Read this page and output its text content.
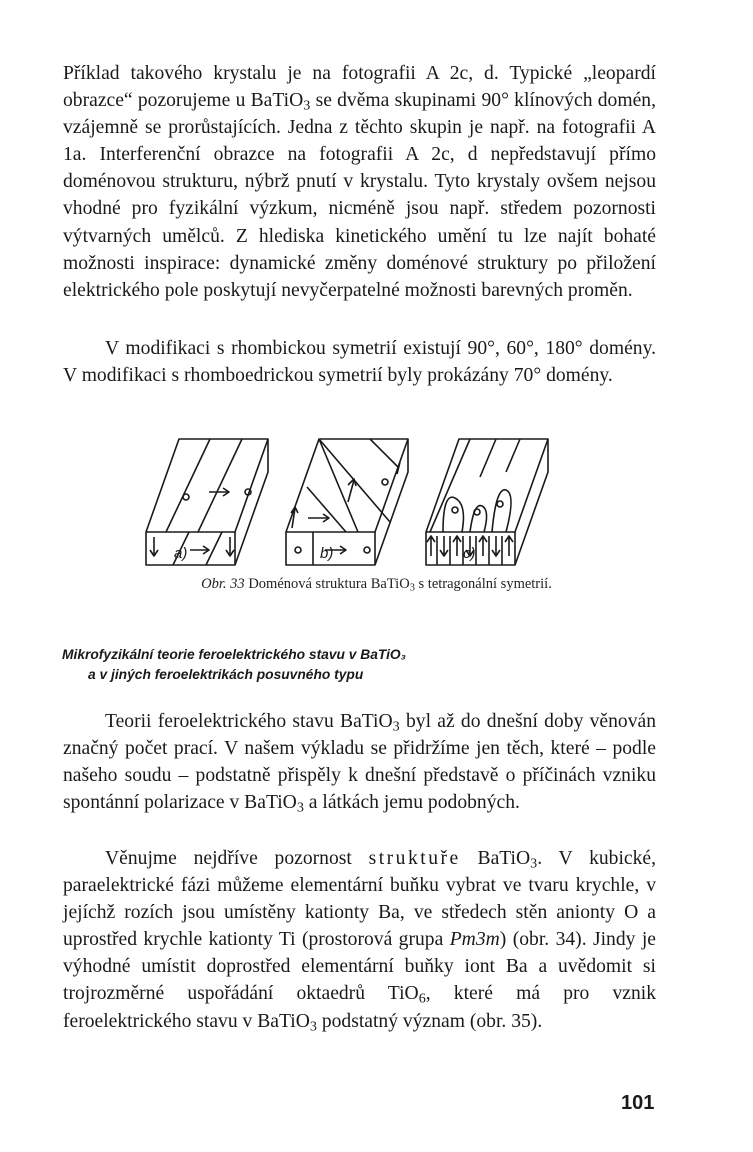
Příklad takového krystalu je na fotografii A 2c, d. Typické „leopardí obrazce“ pozorujeme u BaTiO$_3$ se dvěma skupinami 90° klínových domén, vzájemně se prorůstajících. Jedna z těchto skupin je např. na fotografii A 1a. Interferenční obrazce na fotografii A 2c, d nepředstavují přímo doménovou strukturu, nýbrž pnutí v krystalu. Tyto krystaly ovšem nejsou vhodné pro fyzikální výzkum, nicméně jsou např. středem pozornosti výtvarných umělců. Z hlediska kinetického umění tu lze najít bohaté možnosti inspirace: dynamické změny doménové struktury po přiložení elektrického pole poskytují nevyčerpatelné možnosti barevných proměn.

V modifikaci s rhombickou symetrií existují 90°, 60°, 180° domény. V modifikaci s rhomboedrickou symetrií byly prokázány 70° domény.

a)	b)	c)
Obr. 33 Doménová struktura BaTiO$_3$ s tetragonální symetrií.
Mikrofyzikální teorie feroelektrického stavu v BaTiO₃
a v jiných feroelektrikách posuvného typu

Teorii feroelektrického stavu BaTiO$_3$ byl až do dnešní doby věnován značný počet prací. V našem výkladu se přidržíme jen těch, které – podle našeho soudu – podstatně přispěly k dnešní představě o příčinách vzniku spontánní polarizace v BaTiO$_3$ a látkách jemu podobných.

Věnujme nejdříve pozornost struktuře BaTiO$_3$. V kubické, paraelektrické fázi můžeme elementární buňku vybrat ve tvaru krychle, v jejíchž rozích jsou umístěny kationty Ba, ve středech stěn anionty O a uprostřed krychle kationty Ti (prostorová grupa Pm3m) (obr. 34). Jindy je výhodné umístit doprostřed elementární buňky iont Ba a uvědomit si trojrozměrné uspořádání oktaedrů TiO$_6$, které má pro vznik feroelektrického stavu v BaTiO$_3$ podstatný význam (obr. 35).

101
